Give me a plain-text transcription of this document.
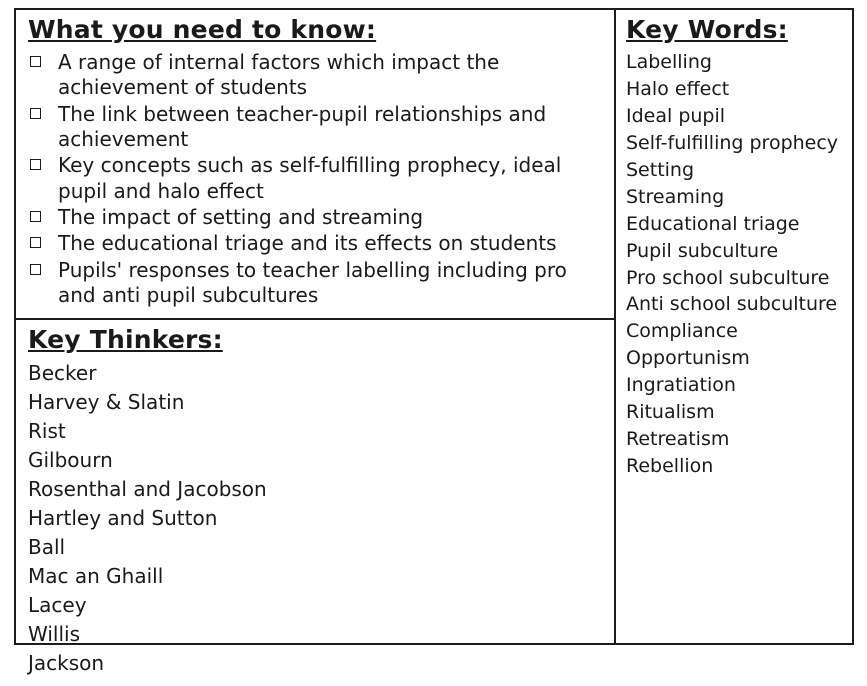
What you need to know:
A range of internal factors which impact the achievement of students
The link between teacher-pupil relationships and achievement
Key concepts such as self-fulfilling prophecy, ideal pupil and halo effect
The impact of setting and streaming
The educational triage and its effects on students
Pupils' responses to teacher labelling including pro and anti pupil subcultures
Key Thinkers:
Becker
Harvey & Slatin
Rist
Gilbourn
Rosenthal and Jacobson
Hartley and Sutton
Ball
Mac an Ghaill
Lacey
Willis
Jackson
Key Words:
Labelling
Halo effect
Ideal pupil
Self-fulfilling prophecy
Setting
Streaming
Educational triage
Pupil subculture
Pro school subculture
Anti school subculture
Compliance
Opportunism
Ingratiation
Ritualism
Retreatism
Rebellion
